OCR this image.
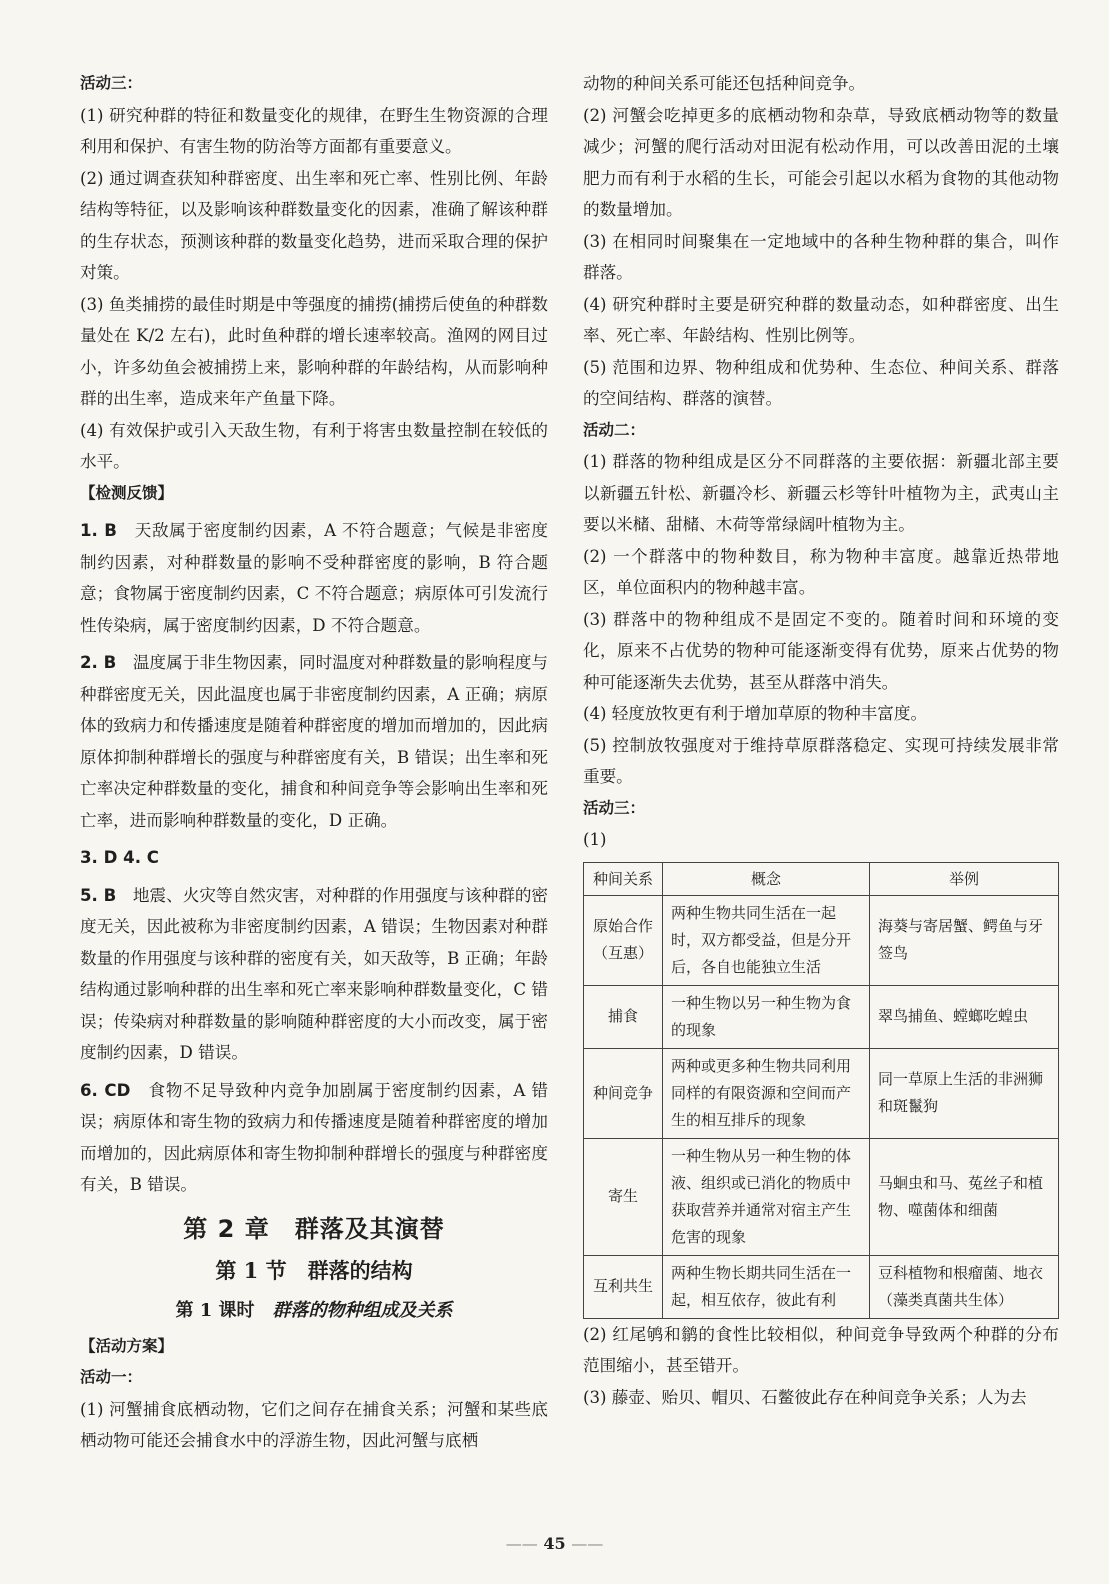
活动三：

(1) 研究种群的特征和数量变化的规律，在野生生物资源的合理利用和保护、有害生物的防治等方面都有重要意义。

(2) 通过调查获知种群密度、出生率和死亡率、性别比例、年龄结构等特征，以及影响该种群数量变化的因素，准确了解该种群的生存状态，预测该种群的数量变化趋势，进而采取合理的保护对策。

(3) 鱼类捕捞的最佳时期是中等强度的捕捞(捕捞后使鱼的种群数量处在 K/2 左右)，此时鱼种群的增长速率较高。渔网的网目过小，许多幼鱼会被捕捞上来，影响种群的年龄结构，从而影响种群的出生率，造成来年产鱼量下降。

(4) 有效保护或引入天敌生物，有利于将害虫数量控制在较低的水平。

【检测反馈】

1. B　 天敌属于密度制约因素，A 不符合题意；气候是非密度制约因素，对种群数量的影响不受种群密度的影响，B 符合题意；食物属于密度制约因素，C 不符合题意；病原体可引发流行性传染病，属于密度制约因素，D 不符合题意。

2. B　 温度属于非生物因素，同时温度对种群数量的影响程度与种群密度无关，因此温度也属于非密度制约因素，A 正确；病原体的致病力和传播速度是随着种群密度的增加而增加的，因此病原体抑制种群增长的强度与种群密度有关，B 错误；出生率和死亡率决定种群数量的变化，捕食和种间竞争等会影响出生率和死亡率，进而影响种群数量的变化，D 正确。

3. D 4. C

5. B　 地震、火灾等自然灾害，对种群的作用强度与该种群的密度无关，因此被称为非密度制约因素，A 错误；生物因素对种群数量的作用强度与该种群的密度有关，如天敌等，B 正确；年龄结构通过影响种群的出生率和死亡率来影响种群数量变化，C 错误；传染病对种群数量的影响随种群密度的大小而改变，属于密度制约因素，D 错误。

6. CD　 食物不足导致种内竞争加剧属于密度制约因素，A 错误；病原体和寄生物的致病力和传播速度是随着种群密度的增加而增加的，因此病原体和寄生物抑制种群增长的强度与种群密度有关，B 错误。

第 2 章　群落及其演替

第 1 节　群落的结构

第 1 课时　 群落的物种组成及关系

【活动方案】

活动一：

(1) 河蟹捕食底栖动物，它们之间存在捕食关系；河蟹和某些底栖动物可能还会捕食水中的浮游生物，因此河蟹与底栖

动物的种间关系可能还包括种间竞争。

(2) 河蟹会吃掉更多的底栖动物和杂草，导致底栖动物等的数量减少；河蟹的爬行活动对田泥有松动作用，可以改善田泥的土壤肥力而有利于水稻的生长，可能会引起以水稻为食物的其他动物的数量增加。

(3) 在相同时间聚集在一定地域中的各种生物种群的集合，叫作群落。

(4) 研究种群时主要是研究种群的数量动态，如种群密度、出生率、死亡率、年龄结构、性别比例等。

(5) 范围和边界、物种组成和优势种、生态位、种间关系、群落的空间结构、群落的演替。

活动二：

(1) 群落的物种组成是区分不同群落的主要依据：新疆北部主要以新疆五针松、新疆冷杉、新疆云杉等针叶植物为主，武夷山主要以米槠、甜槠、木荷等常绿阔叶植物为主。

(2) 一个群落中的物种数目，称为物种丰富度。越靠近热带地区，单位面积内的物种越丰富。

(3) 群落中的物种组成不是固定不变的。随着时间和环境的变化，原来不占优势的物种可能逐渐变得有优势，原来占优势的物种可能逐渐失去优势，甚至从群落中消失。

(4) 轻度放牧更有利于增加草原的物种丰富度。

(5) 控制放牧强度对于维持草原群落稳定、实现可持续发展非常重要。

活动三：

(1)

种间关系	概念	举例
原始合作（互惠）	两种生物共同生活在一起时，双方都受益，但是分开后，各自也能独立生活	海葵与寄居蟹、鳄鱼与牙签鸟
捕食	一种生物以另一种生物为食的现象	翠鸟捕鱼、螳螂吃蝗虫
种间竞争	两种或更多种生物共同利用同样的有限资源和空间而产生的相互排斥的现象	同一草原上生活的非洲狮和斑鬣狗
寄生	一种生物从另一种生物的体液、组织或已消化的物质中获取营养并通常对宿主产生危害的现象	马蛔虫和马、菟丝子和植物、噬菌体和细菌
互利共生	两种生物长期共同生活在一起，相互依存，彼此有利	豆科植物和根瘤菌、地衣（藻类真菌共生体）

(2) 红尾鸲和鹟的食性比较相似，种间竞争导致两个种群的分布范围缩小，甚至错开。

(3) 藤壶、贻贝、帽贝、石鳖彼此存在种间竞争关系；人为去

—— 45 ——
